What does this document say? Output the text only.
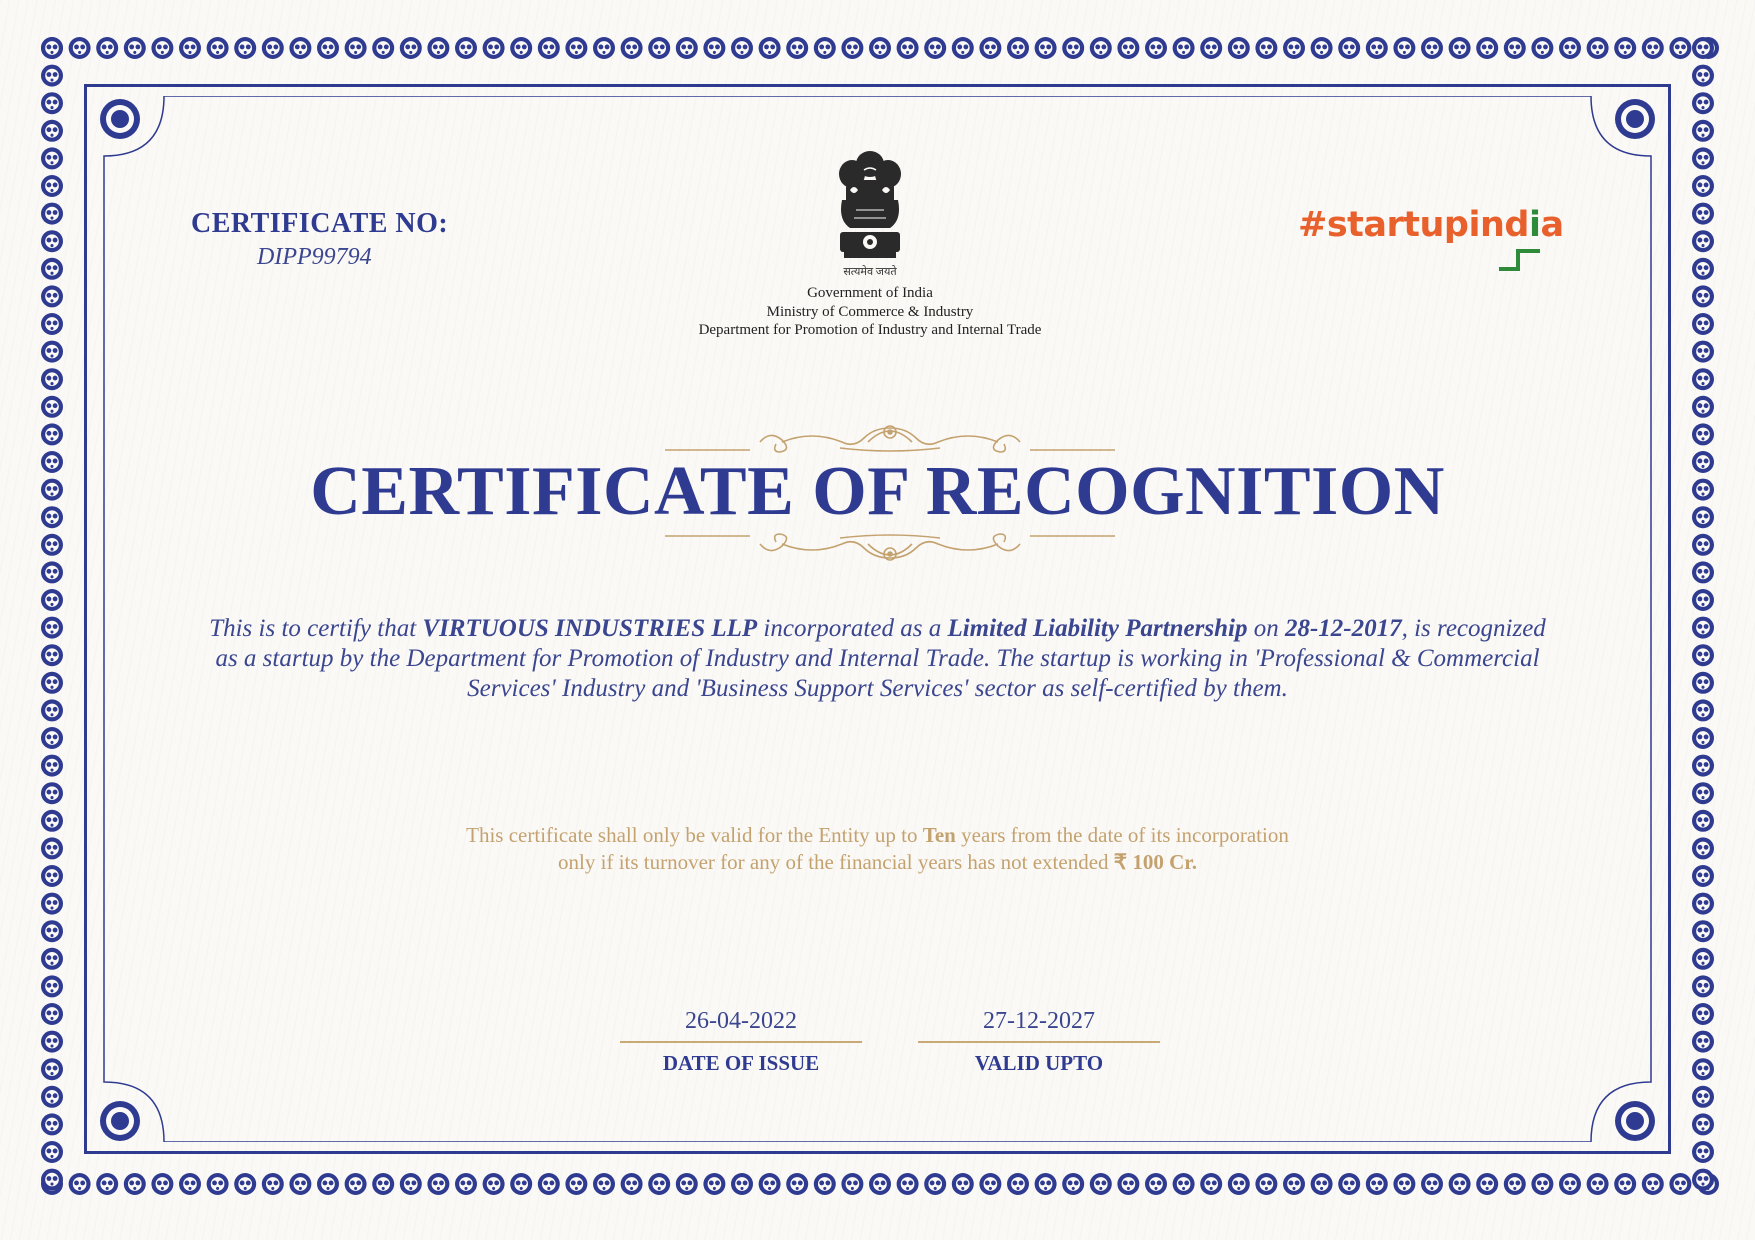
CERTIFICATE NO:
DIPP99794
सत्यमेव जयते
Government of India
Ministry of Commerce & Industry
Department for Promotion of Industry and Internal Trade
#startupindia
CERTIFICATE OF RECOGNITION
This is to certify that VIRTUOUS INDUSTRIES LLP incorporated as a Limited Liability Partnership on 28-12-2017, is recognized as a startup by the Department for Promotion of Industry and Internal Trade. The startup is working in 'Professional & Commercial Services' Industry and 'Business Support Services' sector as self-certified by them.
This certificate shall only be valid for the Entity up to Ten years from the date of its incorporation
only if its turnover for any of the financial years has not extended ₹ 100 Cr.
26-04-2022
DATE OF ISSUE
27-12-2027
VALID UPTO
